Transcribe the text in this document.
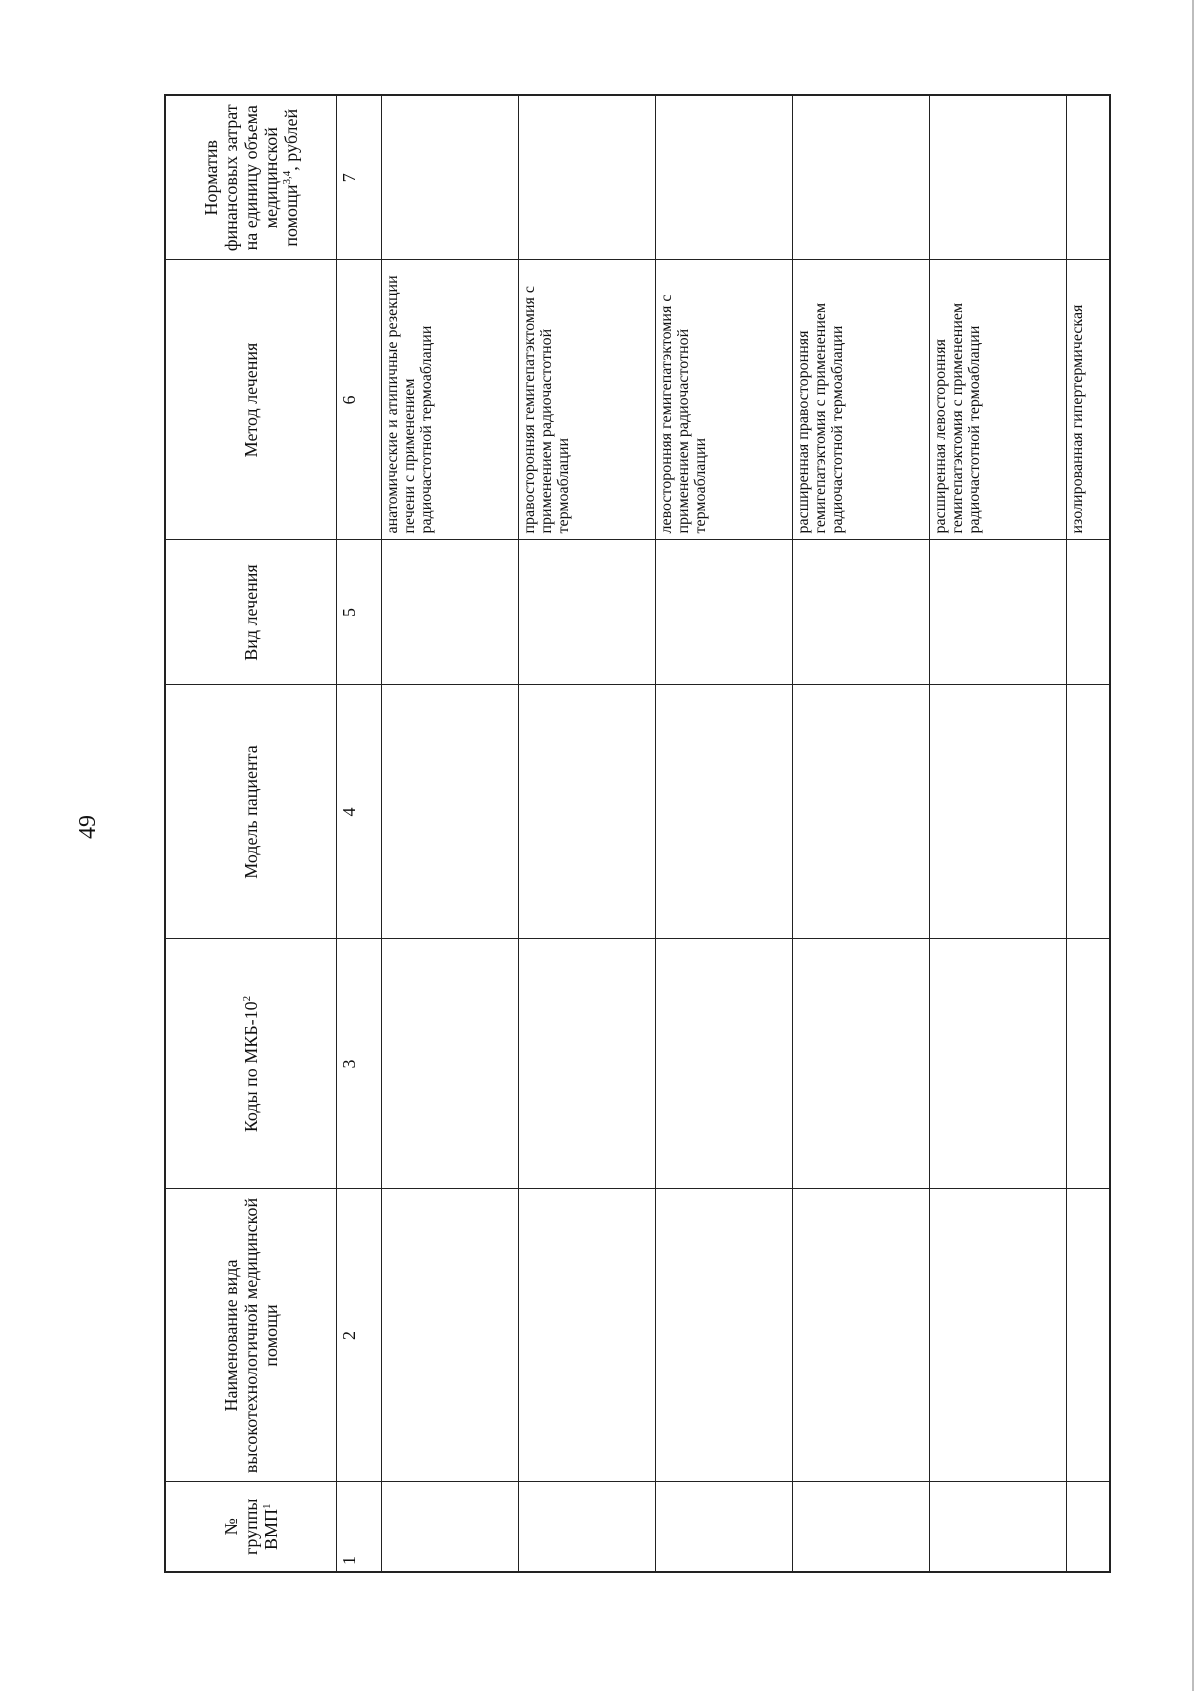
49
№ группы ВМП$^1$	Наименование вида высокотехнологичной медицинской помощи	Коды по МКБ-$10^2$	Модель пациента	Вид лечения	Метод лечения	Норматив финансовых затрат на единицу объема медицинской помощи$^{3,4}$, рублей
1	2	3	4	5	6	7
					анатомические и атипичные резекции печени с применением радиочастотной термоаблации	
					правосторонняя гемигепатэктомия с применением радиочастотной термоаблации	
					левосторонняя гемигепатэктомия с применением радиочастотной термоаблации	
					расширенная правосторонняя гемигепатэктомия с применением радиочастотной термоаблации	
					расширенная левосторонняя гемигепатэктомия с применением радиочастотной термоаблации	
					изолированная гипертермическая	
